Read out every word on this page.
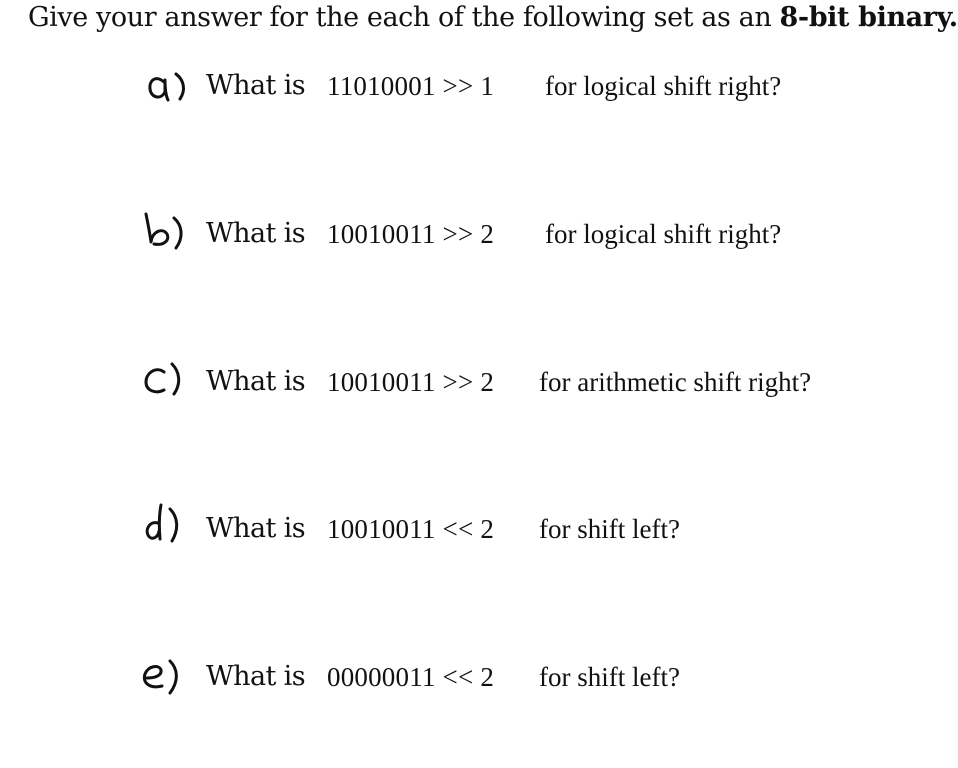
Give your answer for the each of the following set as an 8-bit binary.
What is 11010001 >> 1 for logical shift right?
What is 10010011 >> 2 for logical shift right?
What is 10010011 >> 2 for arithmetic shift right?
What is 10010011 << 2 for shift left?
What is 00000011 << 2 for shift left?
